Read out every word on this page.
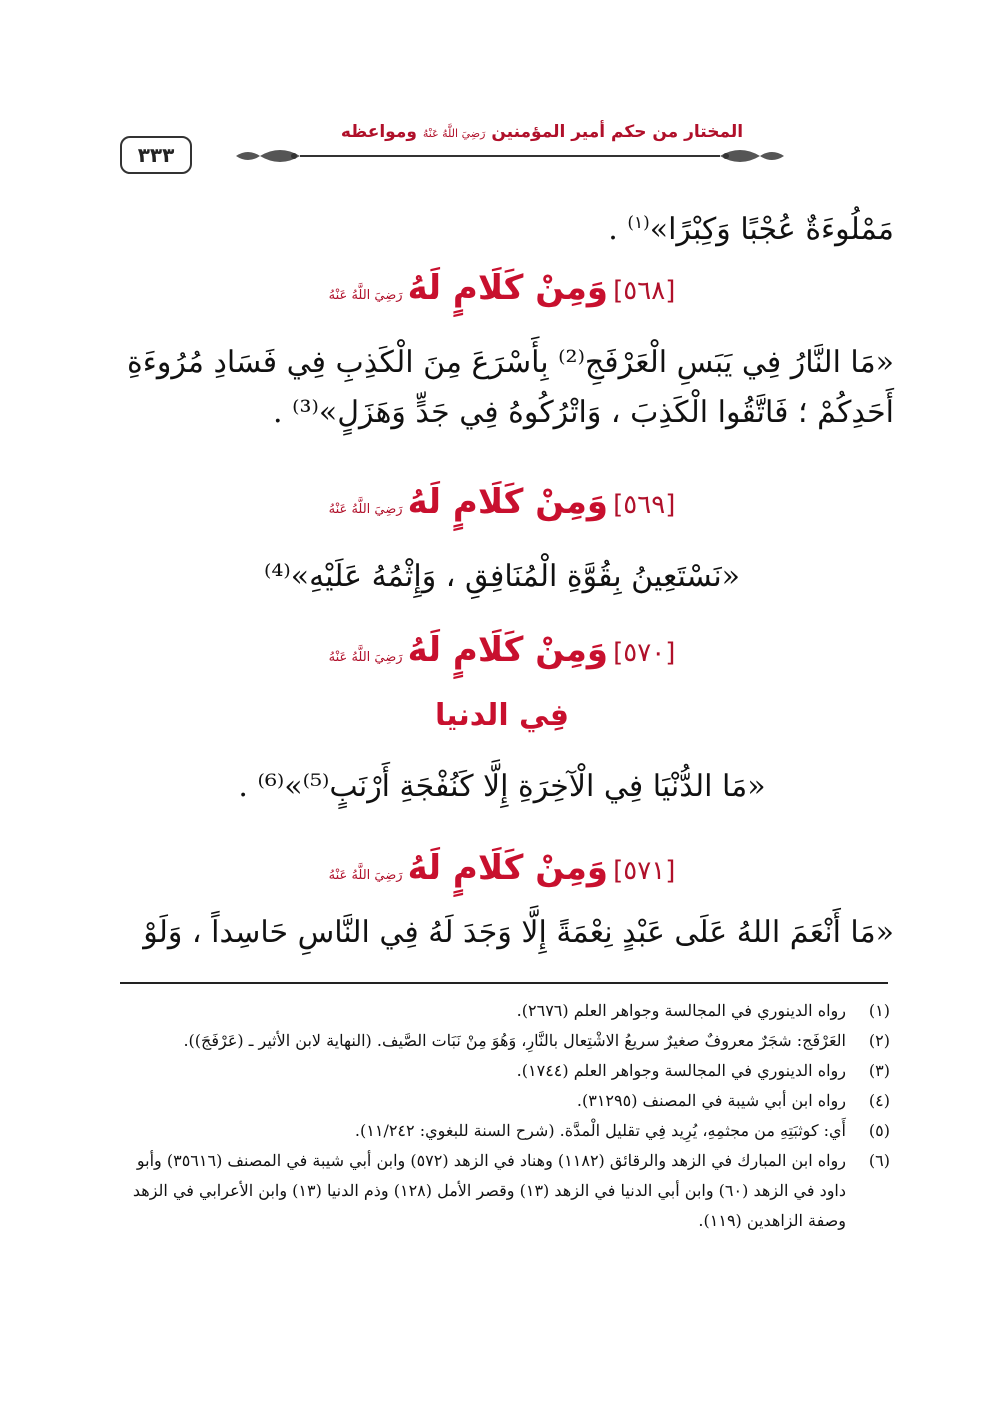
٣٣٣
المختار من حكم أمير المؤمنين رَضِيَ اللَّهُ عَنْهُ ومواعظه
مَمْلُوءَةٌ عُجْبًا وَكِبْرًا»$^{(١)}$ .
[٥٦٨] وَمِنْ كَلَامٍ لَهُ رَضِيَ اللَّهُ عَنْهُ
«مَا النَّارُ فِي يَبَسِ الْعَرْفَجِ⁽²⁾ بِأَسْرَعَ مِنَ الْكَذِبِ فِي فَسَادِ مُرُوءَةِ
أَحَدِكُمْ ؛ فَاتَّقُوا الْكَذِبَ ، وَاتْرُكُوهُ فِي جَدٍّ وَهَزَلٍ»⁽³⁾ .
[٥٦٩] وَمِنْ كَلَامٍ لَهُ رَضِيَ اللَّهُ عَنْهُ
«نَسْتَعِينُ بِقُوَّةِ الْمُنَافِقِ ، وَإِثْمُهُ عَلَيْهِ»⁽⁴⁾
[٥٧٠] وَمِنْ كَلَامٍ لَهُ رَضِيَ اللَّهُ عَنْهُ
فِي الدنيا
«مَا الدُّنْيَا فِي الْآخِرَةِ إِلَّا كَنُفْجَةِ أَرْنَبٍ⁽⁵⁾»⁽⁶⁾ .
[٥٧١] وَمِنْ كَلَامٍ لَهُ رَضِيَ اللَّهُ عَنْهُ
«مَا أَنْعَمَ اللهُ عَلَى عَبْدٍ نِعْمَةً إِلَّا وَجَدَ لَهُ فِي النَّاسِ حَاسِداً ، وَلَوْ
(١)
رواه الدينوري في المجالسة وجواهر العلم (٢٦٧٦).
(٢)
العَرْفَج: شجَرٌ معروفٌ صغيرٌ سريعُ الاشْتِعال بالنَّارِ، وَهُوَ مِنْ نَبَات الصَّيف. (النهاية لابن الأثير ـ (عَرْفَجَ)).
(٣)
رواه الدينوري في المجالسة وجواهر العلم (١٧٤٤).
(٤)
رواه ابن أبي شيبة في المصنف (٣١٢٩٥).
(٥)
أَي: كوثبَتِهِ من مجثمِهِ، يُرِيد فِي تقليل الْمدَّة. (شرح السنة للبغوي: ١١/٢٤٢).
(٦)
رواه ابن المبارك في الزهد والرقائق (١١٨٢) وهناد في الزهد (٥٧٢) وابن أبي شيبة في المصنف (٣٥٦١٦) وأبو داود في الزهد (٦٠) وابن أبي الدنيا في الزهد (١٣) وقصر الأمل (١٢٨) وذم الدنيا (١٣) وابن الأعرابي في الزهد وصفة الزاهدين (١١٩).
